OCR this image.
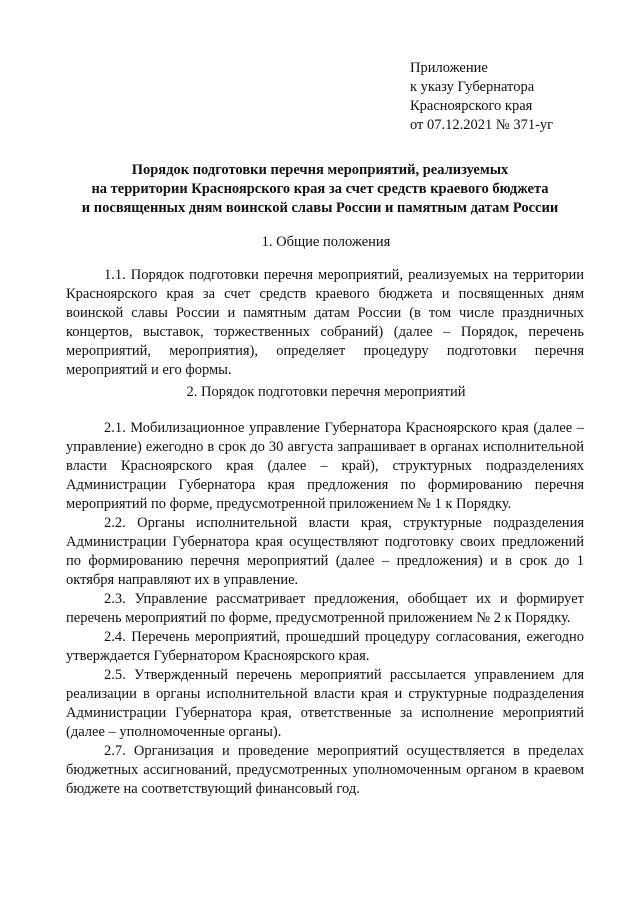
Приложение
к указу Губернатора
Красноярского края
от 07.12.2021 № 371-уг
Порядок подготовки перечня мероприятий, реализуемых
на территории Красноярского края за счет средств краевого бюджета
и посвященных дням воинской славы России и памятным датам России
1. Общие положения

1.1. Порядок подготовки перечня мероприятий, реализуемых на территории Красноярского края за счет средств краевого бюджета и посвященных дням воинской славы России и памятным датам России (в том числе праздничных концертов, выставок, торжественных собраний) (далее – Порядок, перечень мероприятий, мероприятия), определяет процедуру подготовки перечня мероприятий и его формы.

2. Порядок подготовки перечня мероприятий

2.1. Мобилизационное управление Губернатора Красноярского края (далее – управление) ежегодно в срок до 30 августа запрашивает в органах исполнительной власти Красноярского края (далее – край), структурных подразделениях Администрации Губернатора края предложения по формированию перечня мероприятий по форме, предусмотренной приложением № 1 к Порядку.

2.2. Органы исполнительной власти края, структурные подразделения Администрации Губернатора края осуществляют подготовку своих предложений по формированию перечня мероприятий (далее – предложения) и в срок до 1 октября направляют их в управление.

2.3. Управление рассматривает предложения, обобщает их и формирует перечень мероприятий по форме, предусмотренной приложением № 2 к Порядку.

2.4. Перечень мероприятий, прошедший процедуру согласования, ежегодно утверждается Губернатором Красноярского края.

2.5. Утвержденный перечень мероприятий рассылается управлением для реализации в органы исполнительной власти края и структурные подразделения Администрации Губернатора края, ответственные за исполнение мероприятий (далее – уполномоченные органы).

2.7. Организация и проведение мероприятий осуществляется в пределах бюджетных ассигнований, предусмотренных уполномоченным органом в краевом бюджете на соответствующий финансовый год.
